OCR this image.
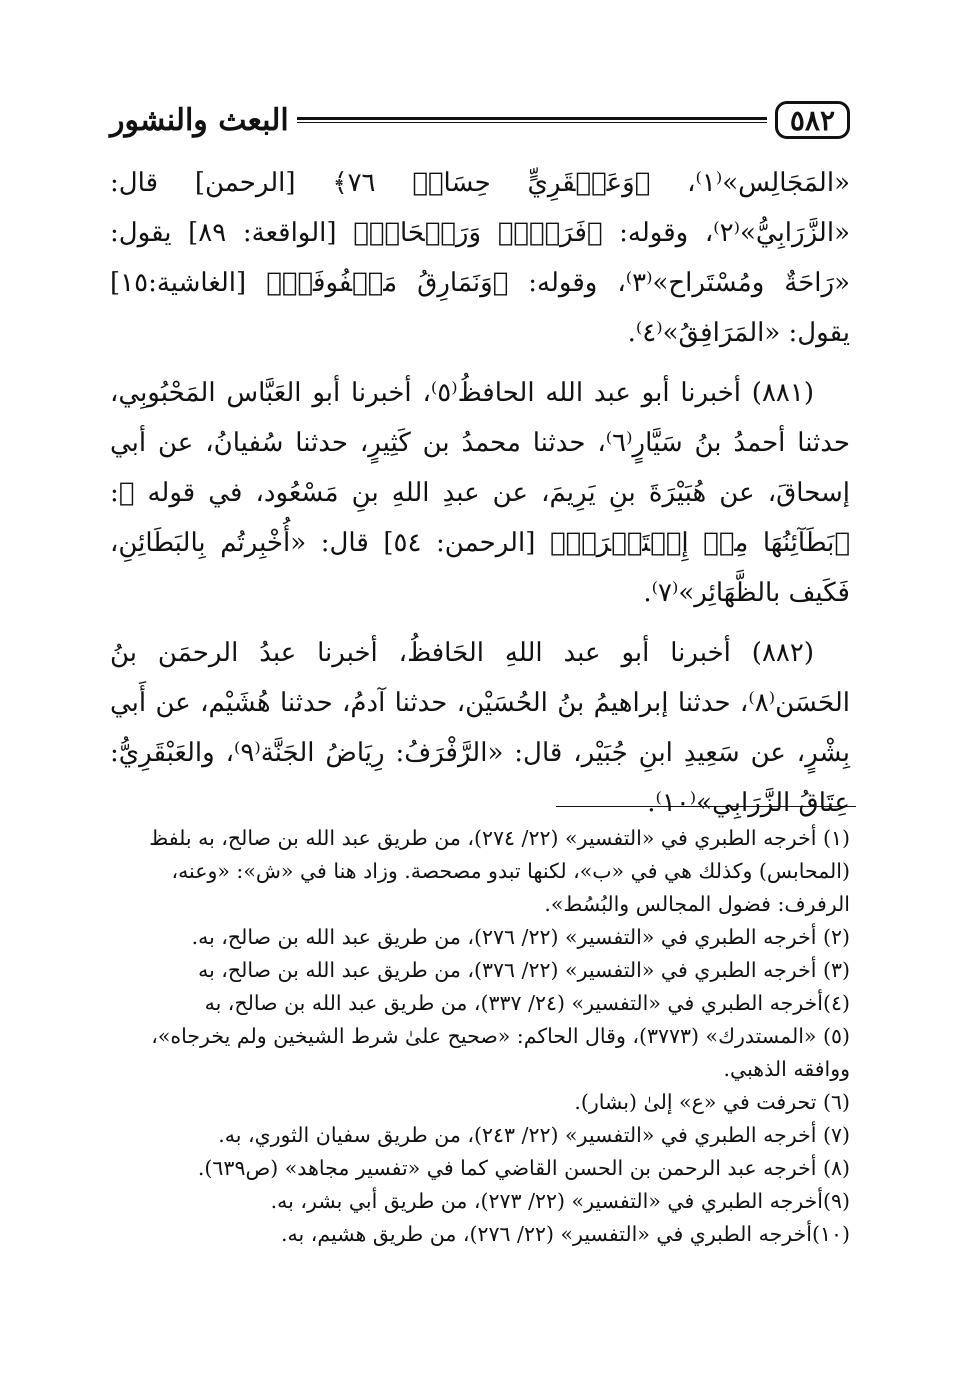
٥٨٢
البعث والنشور

«المَجَالِس»⁽١⁾، ﴿وَعَبۡقَرِيٍّ حِسَانٖ ٧٦﴾ [الرحمن] قال: «الزَّرَابِيُّ»⁽٢⁾، وقوله: ﴿فَرَوۡحٞ وَرَيۡحَانٞ﴾ [الواقعة: ٨٩] يقول: «رَاحَةٌ ومُسْتَراح»⁽٣⁾، وقوله: ﴿وَنَمَارِقُ مَصۡفُوفَةٞ﴾ [الغاشية:١٥] يقول: «المَرَافِقُ»⁽٤⁾.

(٨٨١) أخبرنا أبو عبد الله الحافظُ⁽٥⁾، أخبرنا أبو العَبَّاس المَحْبُوبِي، حدثنا أحمدُ بنُ سَيَّارٍ⁽٦⁾، حدثنا محمدُ بن كَثِيرٍ، حدثنا سُفيانُ، عن أبي إسحاقَ، عن هُبَيْرَةَ بنِ يَرِيمَ، عن عبدِ اللهِ بنِ مَسْعُود، في قوله ﷻ: ﴿بَطَآئِنُهَا مِنۡ إِسۡتَبۡرَقٖ﴾ [الرحمن: ٥٤] قال: «أُخْبِرتُم بِالبَطَائِنِ، فَكَيف بالظَّهَائِر»⁽٧⁾.

(٨٨٢) أخبرنا أبو عبد اللهِ الحَافظُ، أخبرنا عبدُ الرحمَن بنُ الحَسَن⁽٨⁾، حدثنا إبراهيمُ بنُ الحُسَيْن، حدثنا آدمُ، حدثنا هُشَيْم، عن أَبي بِشْرٍ، عن سَعِيدِ ابنِ جُبَيْر، قال: «الرَّفْرَفُ: رِيَاضُ الجَنَّة⁽٩⁾، والعَبْقَرِيُّ: عِتَاقُ الزَّرَابِي»⁽١٠⁾.

(١) أخرجه الطبري في «التفسير» (٢٢/ ٢٧٤)، من طريق عبد الله بن صالح، به بلفظ (المحابس) وكذلك هي في «ب»، لكنها تبدو مصحصة. وزاد هنا في «ش»: «وعنه، الرفرف: فضول المجالس والبُسُط».

(٢) أخرجه الطبري في «التفسير» (٢٢/ ٢٧٦)، من طريق عبد الله بن صالح، به.

(٣) أخرجه الطبري في «التفسير» (٢٢/ ٣٧٦)، من طريق عبد الله بن صالح، به

(٤)أخرجه الطبري في «التفسير» (٢٤/ ٣٣٧)، من طريق عبد الله بن صالح، به

(٥) «المستدرك» (٣٧٧٣)، وقال الحاكم: «صحيح علىٰ شرط الشيخين ولم يخرجاه»، ووافقه الذهبي.

(٦) تحرفت في «ع» إلىٰ (بشار).

(٧) أخرجه الطبري في «التفسير» (٢٢/ ٢٤٣)، من طريق سفيان الثوري، به.

(٨) أخرجه عبد الرحمن بن الحسن القاضي كما في «تفسير مجاهد» (ص٦٣٩).

(٩)أخرجه الطبري في «التفسير» (٢٢/ ٢٧٣)، من طريق أبي بشر، به.

(١٠)أخرجه الطبري في «التفسير» (٢٢/ ٢٧٦)، من طريق هشيم، به.
